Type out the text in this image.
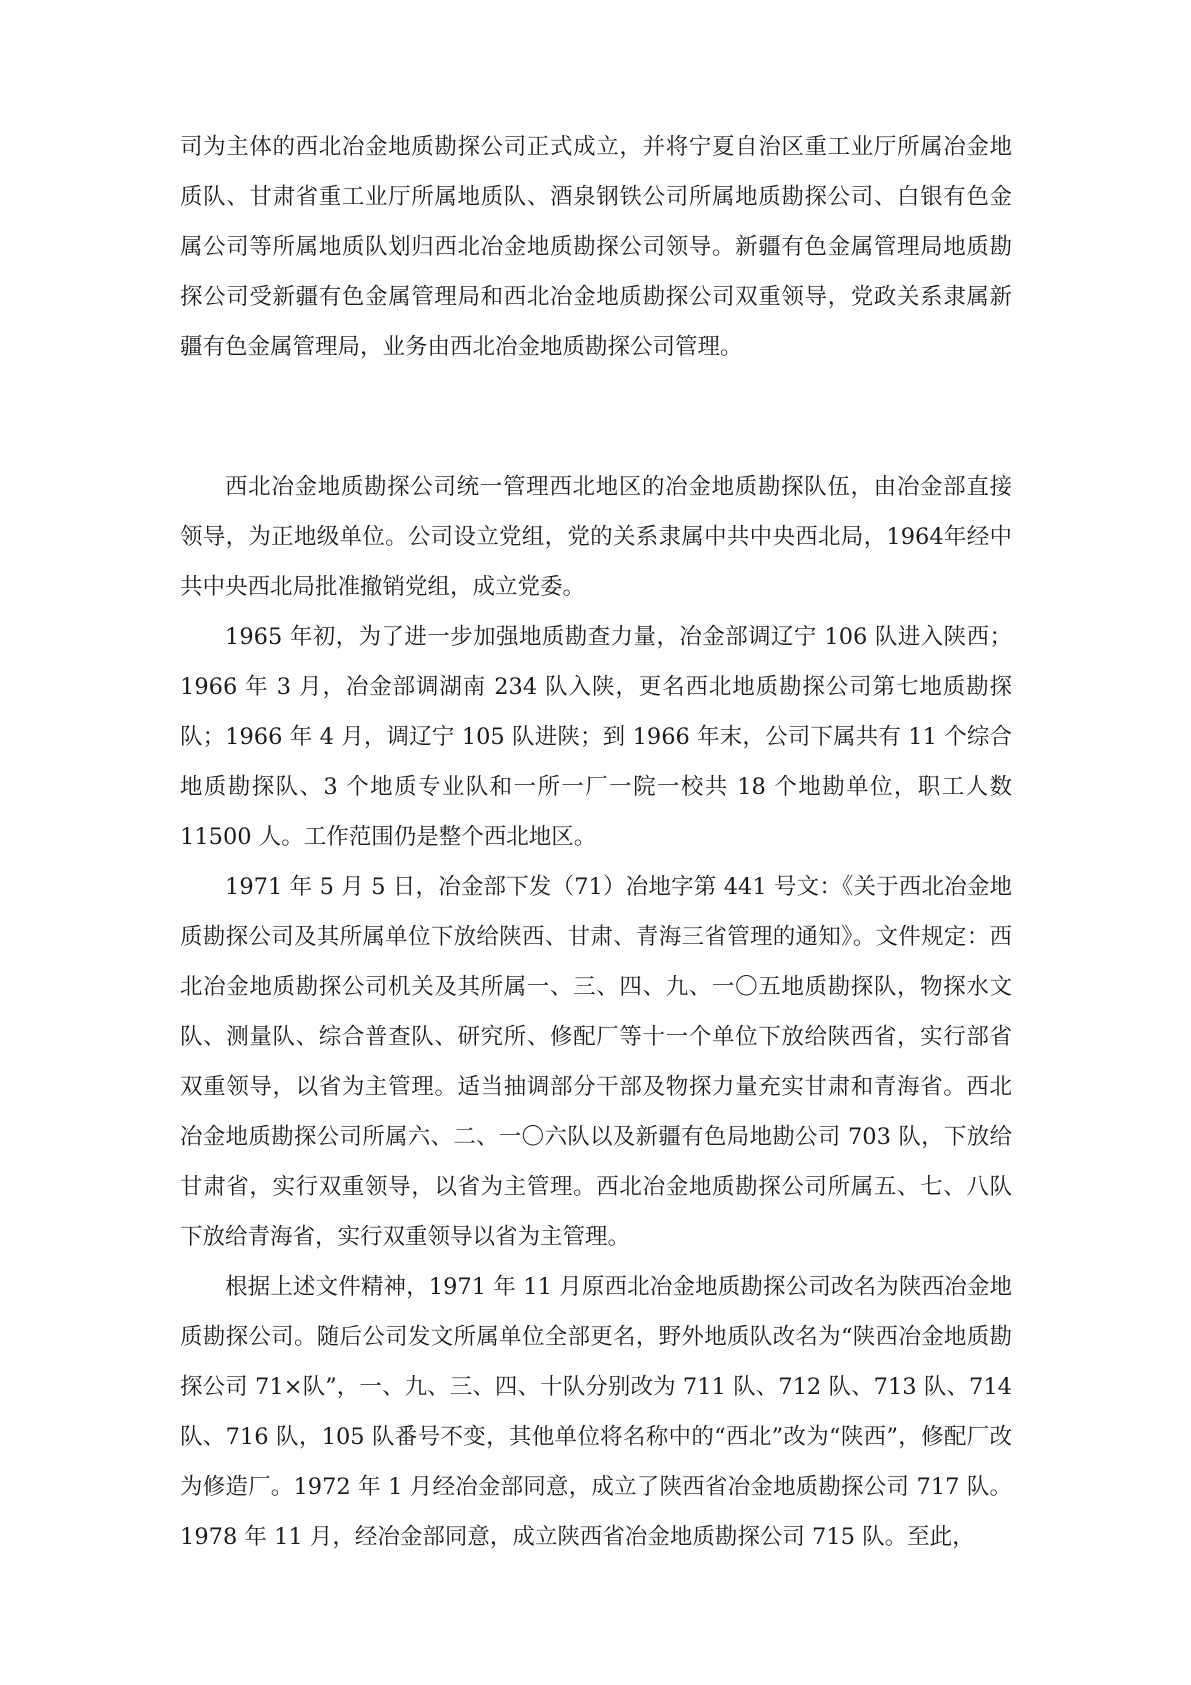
司为主体的西北冶金地质勘探公司正式成立，并将宁夏自治区重工业厅所属冶金地质队、甘肃省重工业厅所属地质队、酒泉钢铁公司所属地质勘探公司、白银有色金属公司等所属地质队划归西北冶金地质勘探公司领导。新疆有色金属管理局地质勘探公司受新疆有色金属管理局和西北冶金地质勘探公司双重领导，党政关系隶属新疆有色金属管理局，业务由西北冶金地质勘探公司管理。

西北冶金地质勘探公司统一管理西北地区的冶金地质勘探队伍，由冶金部直接领导，为正地级单位。公司设立党组，党的关系隶属中共中央西北局，1964年经中共中央西北局批准撤销党组，成立党委。

1965 年初，为了进一步加强地质勘查力量，冶金部调辽宁 106 队进入陕西；1966 年 3 月，冶金部调湖南 234 队入陕，更名西北地质勘探公司第七地质勘探队；1966 年 4 月，调辽宁 105 队进陕；到 1966 年末，公司下属共有 11 个综合地质勘探队、3 个地质专业队和一所一厂一院一校共 18 个地勘单位，职工人数 11500 人。工作范围仍是整个西北地区。

1971 年 5 月 5 日，冶金部下发（71）冶地字第 441 号文：《关于西北冶金地质勘探公司及其所属单位下放给陕西、甘肃、青海三省管理的通知》。文件规定：西北冶金地质勘探公司机关及其所属一、三、四、九、一〇五地质勘探队，物探水文队、测量队、综合普查队、研究所、修配厂等十一个单位下放给陕西省，实行部省双重领导，以省为主管理。适当抽调部分干部及物探力量充实甘肃和青海省。西北冶金地质勘探公司所属六、二、一〇六队以及新疆有色局地勘公司 703 队，下放给甘肃省，实行双重领导，以省为主管理。西北冶金地质勘探公司所属五、七、八队下放给青海省，实行双重领导以省为主管理。

根据上述文件精神，1971 年 11 月原西北冶金地质勘探公司改名为陕西冶金地质勘探公司。随后公司发文所属单位全部更名，野外地质队改名为“陕西冶金地质勘探公司 71×队”，一、九、三、四、十队分别改为 711 队、712 队、713 队、714 队、716 队，105 队番号不变，其他单位将名称中的“西北”改为“陕西”，修配厂改为修造厂。1972 年 1 月经冶金部同意，成立了陕西省冶金地质勘探公司 717 队。1978 年 11 月，经冶金部同意，成立陕西省冶金地质勘探公司 715 队。至此，
